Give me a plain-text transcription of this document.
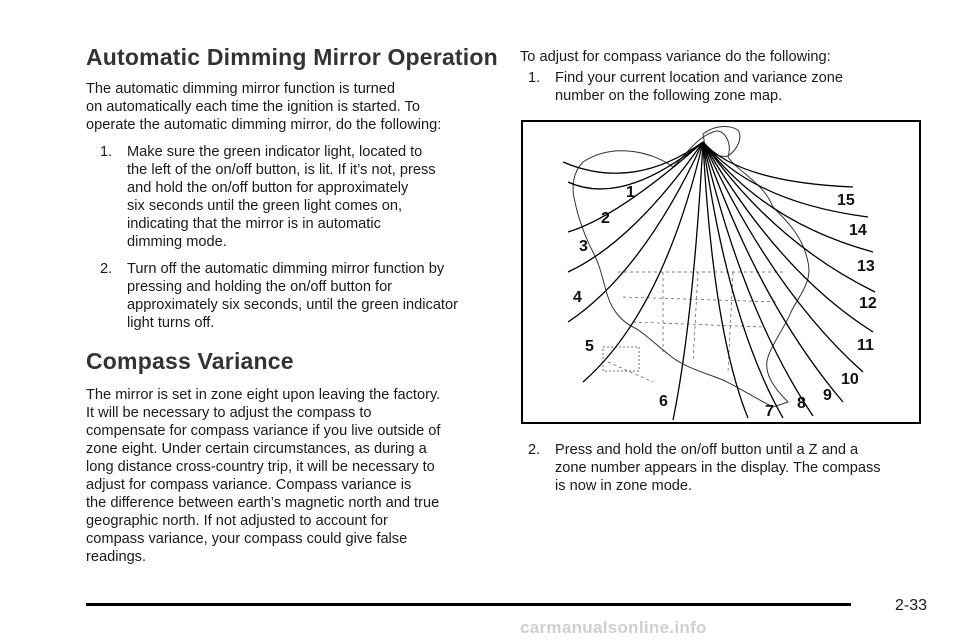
Automatic Dimming Mirror Operation
The automatic dimming mirror function is turned
on automatically each time the ignition is started. To
operate the automatic dimming mirror, do the following:
1. Make sure the green indicator light, located to
the left of the on/off button, is lit. If it’s not, press
and hold the on/off button for approximately
six seconds until the green light comes on,
indicating that the mirror is in automatic
dimming mode.
2. Turn off the automatic dimming mirror function by
pressing and holding the on/off button for
approximately six seconds, until the green indicator
light turns off.
Compass Variance
The mirror is set in zone eight upon leaving the factory.
It will be necessary to adjust the compass to
compensate for compass variance if you live outside of
zone eight. Under certain circumstances, as during a
long distance cross-country trip, it will be necessary to
adjust for compass variance. Compass variance is
the difference between earth’s magnetic north and true
geographic north. If not adjusted to account for
compass variance, your compass could give false
readings.
To adjust for compass variance do the following:
1. Find your current location and variance zone
number on the following zone map.
2. Press and hold the on/off button until a Z and a
zone number appears in the display. The compass
is now in zone mode.
1
2
3
4
5
6
7 8 9
10
11
12
13
14
15
2-33
carmanualsonline.info
